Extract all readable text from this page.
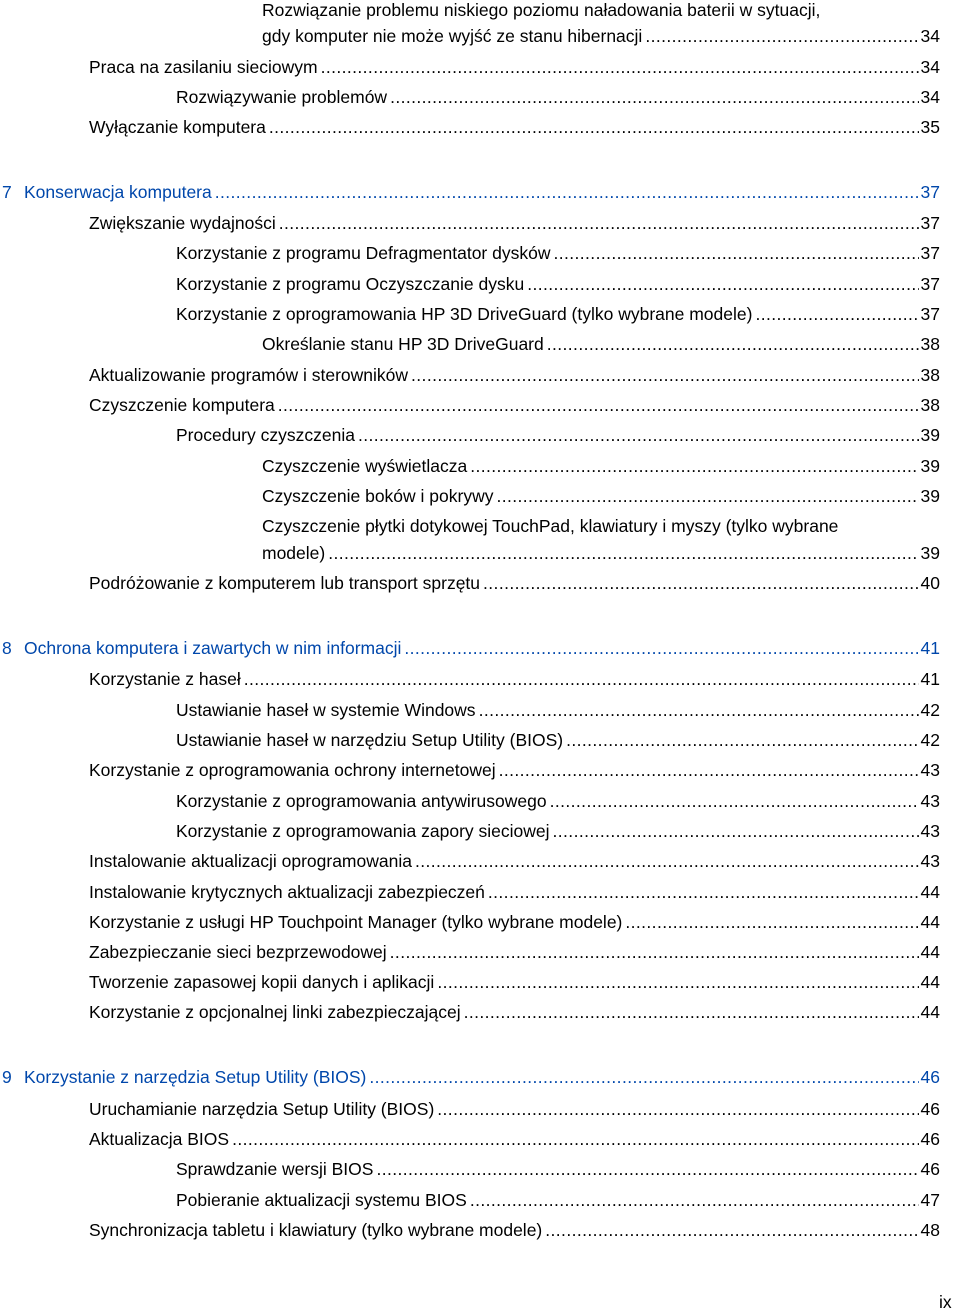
Rozwiązanie problemu niskiego poziomu naładowania baterii w sytuacji,
gdy komputer nie może wyjść ze stanu hibernacji .....	34
Praca na zasilaniu sieciowym .....	34
Rozwiązywanie problemów .....	34
Wyłączanie komputera .....	35
7 Konserwacja komputera .....	37
Zwiększanie wydajności .....	37
Korzystanie z programu Defragmentator dysków .....	37
Korzystanie z programu Oczyszczanie dysku .....	37
Korzystanie z oprogramowania HP 3D DriveGuard (tylko wybrane modele) .....	37
Określanie stanu HP 3D DriveGuard .....	38
Aktualizowanie programów i sterowników .....	38
Czyszczenie komputera .....	38
Procedury czyszczenia .....	39
Czyszczenie wyświetlacza .....	39
Czyszczenie boków i pokrywy .....	39
Czyszczenie płytki dotykowej TouchPad, klawiatury i myszy (tylko wybrane
modele) .....	39
Podróżowanie z komputerem lub transport sprzętu .....	40
8 Ochrona komputera i zawartych w nim informacji .....	41
Korzystanie z haseł .....	41
Ustawianie haseł w systemie Windows .....	42
Ustawianie haseł w narzędziu Setup Utility (BIOS) .....	42
Korzystanie z oprogramowania ochrony internetowej .....	43
Korzystanie z oprogramowania antywirusowego .....	43
Korzystanie z oprogramowania zapory sieciowej .....	43
Instalowanie aktualizacji oprogramowania .....	43
Instalowanie krytycznych aktualizacji zabezpieczeń .....	44
Korzystanie z usługi HP Touchpoint Manager (tylko wybrane modele) .....	44
Zabezpieczanie sieci bezprzewodowej .....	44
Tworzenie zapasowej kopii danych i aplikacji .....	44
Korzystanie z opcjonalnej linki zabezpieczającej .....	44
9 Korzystanie z narzędzia Setup Utility (BIOS) .....	46
Uruchamianie narzędzia Setup Utility (BIOS) .....	46
Aktualizacja BIOS .....	46
Sprawdzanie wersji BIOS .....	46
Pobieranie aktualizacji systemu BIOS .....	47
Synchronizacja tabletu i klawiatury (tylko wybrane modele) .....	48
ix
